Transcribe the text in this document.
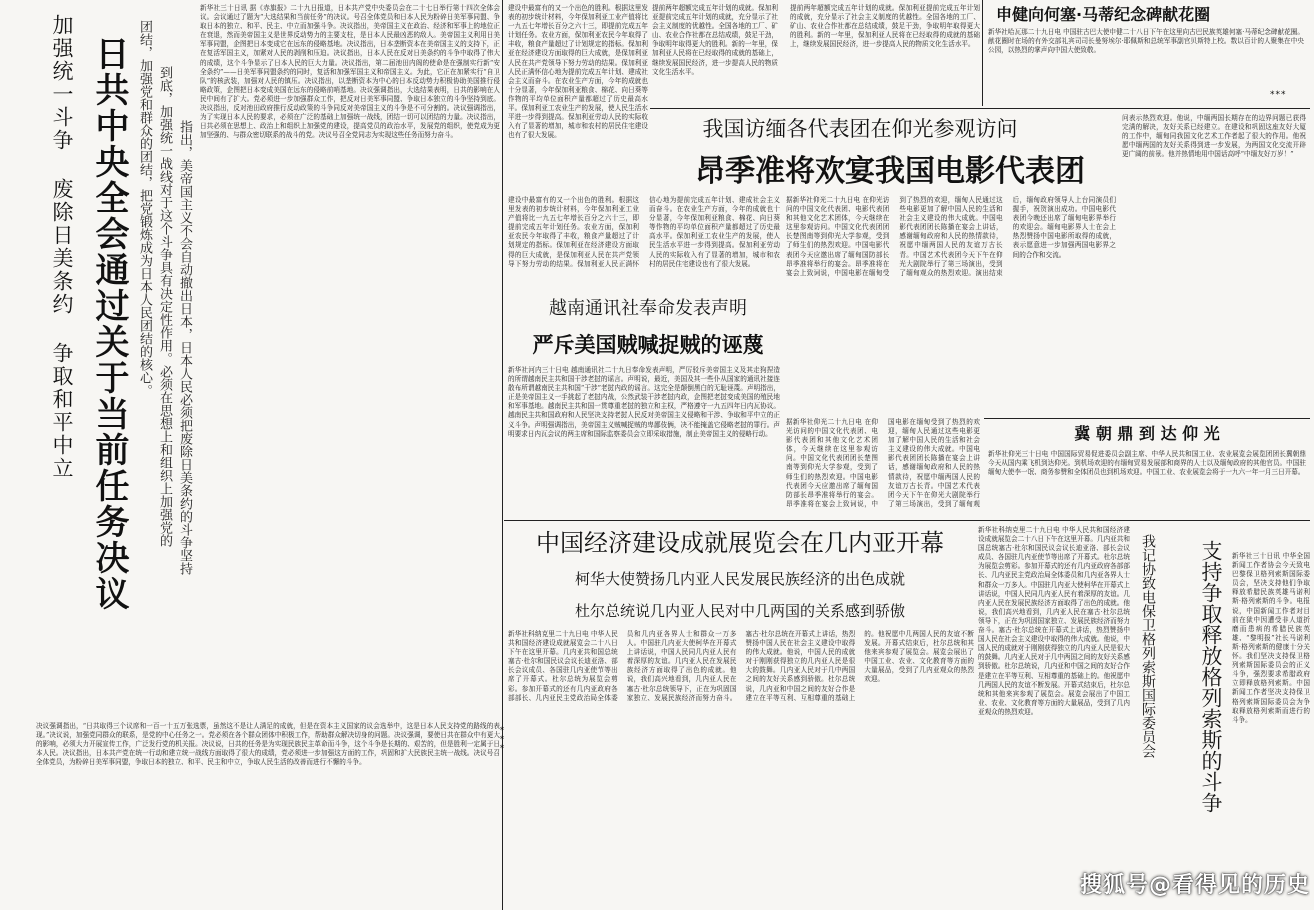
加强统一斗争 废除日美条约 争取和平中立 日共中央全会通过关于当前任务决议 团结，加强党和群众的团结，把党锻炼成为日本人民团结的核心。 到底，加强统一战线对于这个斗争具有决定性作用。必须在思想上和组织上加强党的 指出，美帝国主义不会自动撤出日本，日本人民必须把废除日美条约的斗争坚持
新华社三十日讯 据《赤旗报》二十九日报道，日本共产党中央委员会在二十七日举行第十四次全体会议。会议通过了题为“大选结果和当前任务”的决议。号召全体党员和日本人民为粉碎日美军事同盟、争取日本的独立、和平、民主、中立而加强斗争。决议指出，美帝国主义在政治、经济和军事上的地位正在衰退，然而美帝国主义是世界反动势力的主要支柱，是日本人民最凶恶的敌人。美帝国主义利用日美军事同盟，企图把日本变成它在远东的侵略基地。决议指出，日本垄断资本在美帝国主义的支持下，正在复活军国主义，加紧对人民的剥削和压迫。决议指出，日本人民在反对日美条约的斗争中取得了伟大的成绩，这个斗争显示了日本人民的巨大力量。决议指出，第二届池田内阁的使命是在强制实行新“安全条约”——日美军事同盟条约的同时，复活和加强军国主义和帝国主义。为此，它正在加紧实行“自卫队”的核武装，加强对人民的镇压。决议指出，以垄断资本为中心的日本反动势力积极协助美国推行侵略政策，企图把日本变成美国在远东的侵略前哨基地。决议强调指出，大选结果表明，日共的影响在人民中间有了扩大。党必须进一步加强群众工作，把反对日美军事同盟、争取日本独立的斗争坚持到底。决议指出，反对池田政府推行反动政策的斗争同反对美帝国主义的斗争是不可分割的。决议强调指出，为了实现日本人民的要求，必须在广泛的基础上加强统一战线，团结一切可以团结的力量。决议指出，日共必须在思想上、政治上和组织上加强党的建设，提高党员的政治水平，发展党的组织，使党成为更加坚强的、与群众密切联系的战斗的党。决议号召全党同志为实现这些任务而努力奋斗。
决议强调指出，“日共取得三个议席和一百一十五万张选票，虽然这不是让人满足的成就，但是在资本主义国家的议会选举中，这是日本人民支持党的路线的表现。”决议说，加强党同群众的联系，是党的中心任务之一。党必须在各个群众团体中积极工作，帮助群众解决切身的问题。决议强调，要使日共在群众中有更大的影响，必须大力开展宣传工作，广泛发行党的机关报。决议说，日共的任务是为实现民族民主革命而斗争，这个斗争是长期的、艰苦的，但是胜利一定属于日本人民。决议指出，日本共产党在统一行动和建立统一战线方面取得了很大的成绩，党必须进一步加强这方面的工作，巩固和扩大民族民主统一战线。决议号召全体党员，为粉碎日美军事同盟，争取日本的独立、和平、民主和中立，争取人民生活的改善而进行不懈的斗争。
*
*
*
建设中最富有的又一个出色的胜利。根据这里发表的初步统计材料，今年保加利亚工业产值将比一九五七年增长百分之六十三，即提前完成五年计划任务。农业方面，保加利亚农民今年取得了丰收，粮食产量超过了计划规定的指标。保加利亚在经济建设方面取得的巨大成就，是保加利亚人民在共产党领导下努力劳动的结果。保加利亚人民正满怀信心地为提前完成五年计划、建成社会主义而奋斗。在农业生产方面，今年的成就也十分显著，今年保加利亚粮食、棉花、向日葵等作物的平均单位面积产量都超过了历史最高水平。保加利亚工农业生产的发展，使人民生活水平进一步得到提高。保加利亚劳动人民的实际收入有了显著的增加，城市和农村的居民住宅建设也有了很大发展。
提前两年超额完成五年计划的成就。保加利亚提前完成五年计划的成就，充分显示了社会主义制度的优越性。全国各地的工厂、矿山、农业合作社都在总结成绩，鼓足干劲，争取明年取得更大的胜利。新的一年里，保加利亚人民将在已经取得的成就的基础上，继续发展国民经济，进一步提高人民的物质文化生活水平。
提前两年超额完成五年计划的成就。保加利亚提前完成五年计划的成就，充分显示了社会主义制度的优越性。全国各地的工厂、矿山、农业合作社都在总结成绩，鼓足干劲，争取明年取得更大的胜利。新的一年里，保加利亚人民将在已经取得的成就的基础上，继续发展国民经济，进一步提高人民的物质文化生活水平。
申健向何塞·马蒂纪念碑献花圈
新华社哈瓦那二十九日电 中国驻古巴大使申健二十八日下午在这里向古巴民族英雄何塞·马蒂纪念碑献花圈。献花圈时在场的有外交部礼宾司司长曼努埃尔·耶佩斯和总统军事副官贝斯特上校。数以百计的人聚集在中央公园，以热烈的掌声向中国大使致敬。
***
我国访缅各代表团在仰光参观访问
昂季准将欢宴我国电影代表团
据新华社仰光二十九日电 在仰光访问的中国文化代表团、电影代表团和其他文化艺术团体，今天继续在这里参观访问。中国文化代表团团长楚图南等到仰光大学参观，受到了师生们的热烈欢迎。中国电影代表团今天应邀出席了缅甸国防部长昂季准将举行的宴会。昂季准将在宴会上致词说，中国电影在缅甸受到了热烈的欢迎，缅甸人民通过这些电影更加了解中国人民的生活和社会主义建设的伟大成就。中国电影代表团团长陈播在宴会上讲话，感谢缅甸政府和人民的热情款待，祝愿中缅两国人民的友谊万古长青。中国艺术代表团今天下午在仰光大剧院举行了第三场演出，受到了缅甸观众的热烈欢迎。演出结束后，缅甸政府领导人上台同演员们握手，祝贺演出成功。中国电影代表团今晚还出席了缅甸电影界举行的欢迎会。缅甸电影界人士在会上热烈赞扬中国电影所取得的成就，表示愿意进一步加强两国电影界之间的合作和交流。
问表示热烈欢迎。他说，中缅两国长期存在的边界问题已获得完满的解决，友好关系已经建立。在建设和巩固这座友好大厦的工作中，缅甸同我国文化艺术工作者起了很大的作用。他祝愿中缅两国的友好关系得到进一步发展，为两国文化交流开辟更广阔的前景。他并热情地用中国话高呼“中缅友好万岁！”
建设中最富有的又一个出色的胜利。根据这里发表的初步统计材料，今年保加利亚工业产值将比一九五七年增长百分之六十三，即提前完成五年计划任务。农业方面，保加利亚农民今年取得了丰收，粮食产量超过了计划规定的指标。保加利亚在经济建设方面取得的巨大成就，是保加利亚人民在共产党领导下努力劳动的结果。保加利亚人民正满怀信心地为提前完成五年计划、建成社会主义而奋斗。在农业生产方面，今年的成就也十分显著，今年保加利亚粮食、棉花、向日葵等作物的平均单位面积产量都超过了历史最高水平。保加利亚工农业生产的发展，使人民生活水平进一步得到提高。保加利亚劳动人民的实际收入有了显著的增加，城市和农村的居民住宅建设也有了很大发展。
越南通讯社奉命发表声明
严斥美国贼喊捉贼的诬蔑
新华社河内三十日电 越南通讯社二十九日奉命发表声明，严厉驳斥美帝国主义及其走狗捏造的所谓越南民主共和国干涉老挝的谣言。声明说，最近，美国及其一些仆从国家的通讯社接连散布所谓越南民主共和国“干涉”老挝内政的谣言。这完全是颠倒黑白的无耻诬蔑。声明指出，正是美帝国主义一手挑起了老挝内战，公然武装干涉老挝内政，企图把老挝变成美国的殖民地和军事基地。越南民主共和国一贯尊重老挝的独立和主权，严格遵守一九五四年日内瓦协议。越南民主共和国政府和人民坚决支持老挝人民反对美帝国主义侵略和干涉、争取和平中立的正义斗争。声明强调指出，美帝国主义贼喊捉贼的卑鄙伎俩，决不能掩盖它侵略老挝的罪行。声明要求日内瓦会议的两主席和国际监察委员会立即采取措施，制止美帝国主义的侵略行动。
据新华社仰光二十九日电 在仰光访问的中国文化代表团、电影代表团和其他文化艺术团体，今天继续在这里参观访问。中国文化代表团团长楚图南等到仰光大学参观，受到了师生们的热烈欢迎。中国电影代表团今天应邀出席了缅甸国防部长昂季准将举行的宴会。昂季准将在宴会上致词说，中国电影在缅甸受到了热烈的欢迎，缅甸人民通过这些电影更加了解中国人民的生活和社会主义建设的伟大成就。中国电影代表团团长陈播在宴会上讲话，感谢缅甸政府和人民的热情款待，祝愿中缅两国人民的友谊万古长青。中国艺术代表团今天下午在仰光大剧院举行了第三场演出，受到了缅甸观
冀 朝 鼎 到 达 仰 光
新华社仰光三十日电 中国国际贸易促进委员会副主席、中华人民共和国工业、农业展览会展览团团长冀朝鼎今天从国内乘飞机到达仰光。到机场欢迎的有缅甸贸易发展部和商界的人士以及缅甸政府的其他官员。中国驻缅甸大使李一氓、商务参赞和全体团员也到机场欢迎。中国工业、农业展览会将于一九六一年一月三日开幕。
中国经济建设成就展览会在几内亚开幕
柯华大使赞扬几内亚人民发展民族经济的出色成就
杜尔总统说几内亚人民对中几两国的关系感到骄傲
新华社科纳克里二十九日电 中华人民共和国经济建设成就展览会二十八日下午在这里开幕。几内亚共和国总统塞古·杜尔和国民议会议长迪亚洛、部长会议成员、各国驻几内亚使节等出席了开幕式。杜尔总统为展览会剪彩。参加开幕式的还有几内亚政府各部部长、几内亚民主党政治局全体委员和几内亚各界人士和群众一万多人。中国驻几内亚大使柯华在开幕式上讲话说，中国人民同几内亚人民有着深厚的友谊。几内亚人民在发展民族经济方面取得了出色的成就。他说，我们高兴地看到，几内亚人民在塞古·杜尔总统领导下，正在为巩固国家独立、发展民族经济而努力奋斗。塞古·杜尔总统在开幕式上讲话，热烈赞扬中国人民在社会主义建设中取得的伟大成就。他说，中国人民的成就对于刚刚获得独立的几内亚人民是很大的鼓舞。几内亚人民对于几中两国之间的友好关系感到骄傲。杜尔总统说，几内亚和中国之间的友好合作是建立在平等互利、互相尊重的基础上的。他祝愿中几两国人民的友谊不断发展。开幕式结束后，杜尔总统和其他来宾参观了展览会。展览会展出了中国工业、农业、文化教育等方面的大量展品，受到了几内亚观众的热烈欢迎。
新华社科纳克里二十九日电 中华人民共和国经济建设成就展览会二十八日下午在这里开幕。几内亚共和国总统塞古·杜尔和国民议会议长迪亚洛、部长会议成员、各国驻几内亚使节等出席了开幕式。杜尔总统为展览会剪彩。参加开幕式的还有几内亚政府各部部长、几内亚民主党政治局全体委员和几内亚各界人士和群众一万多人。中国驻几内亚大使柯华在开幕式上讲话说，中国人民同几内亚人民有着深厚的友谊。几内亚人民在发展民族经济方面取得了出色的成就。他说，我们高兴地看到，几内亚人民在塞古·杜尔总统领导下，正在为巩固国家独立、发展民族经济而努力奋斗。塞古·杜尔总统在开幕式上讲话，热烈赞扬中国人民在社会主义建设中取得的伟大成就。他说，中国人民的成就对于刚刚获得独立的几内亚人民是很大的鼓舞。几内亚人民对于几中两国之间的友好关系感到骄傲。杜尔总统说，几内亚和中国之间的友好合作是建立在平等互利、互相尊重的基础上的。他祝愿中几两国人民的友谊不断发展。开幕式结束后，杜尔总统和其他来宾参观了展览会。展览会展出了中国工业、农业、文化教育等方面的大量展品，受到了几内亚观众的热烈欢迎。	我记协致电保卫格列索斯国际委员会	支持争取释放格列索斯的斗争	新华社三十日讯 中华全国新闻工作者协会今天致电巴黎保卫格列索斯国际委员会，坚决支持他们争取释放希腊民族英雄马诺利斯·格列索斯的斗争。电报说，中国新闻工作者对目前在狱中因遭受非人道折磨而患病的希腊民族英雄、“黎明报”社长马诺利斯·格列索斯的健康十分关怀。我们坚决支持保卫格列索斯国际委员会的正义斗争，强烈要求希腊政府立即释放格列索斯。中国新闻工作者坚决支持保卫格列索斯国际委员会为争取释放格列索斯而进行的斗争。
搜狐号@看得见的历史
